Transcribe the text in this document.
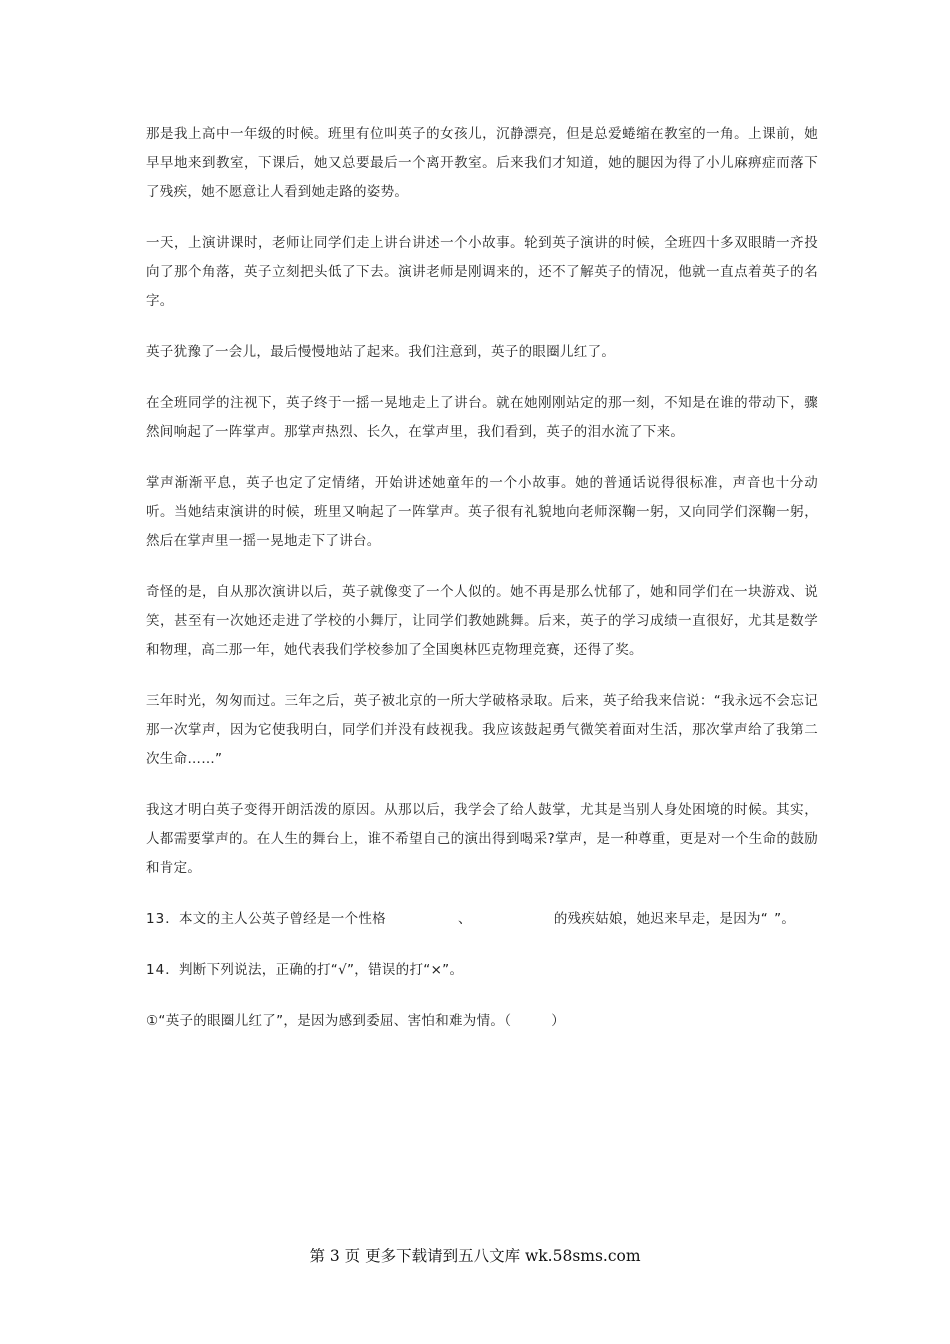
那是我上高中一年级的时候。班里有位叫英子的女孩儿，沉静漂亮，但是总爱蜷缩在教室的一角。上课前，她早早地来到教室，下课后，她又总要最后一个离开教室。后来我们才知道，她的腿因为得了小儿麻痹症而落下了残疾，她不愿意让人看到她走路的姿势。

一天，上演讲课时，老师让同学们走上讲台讲述一个小故事。轮到英子演讲的时候，全班四十多双眼睛一齐投向了那个角落，英子立刻把头低了下去。演讲老师是刚调来的，还不了解英子的情况，他就一直点着英子的名字。

英子犹豫了一会儿，最后慢慢地站了起来。我们注意到，英子的眼圈儿红了。

在全班同学的注视下，英子终于一摇一晃地走上了讲台。就在她刚刚站定的那一刻，不知是在谁的带动下，骤然间响起了一阵掌声。那掌声热烈、长久，在掌声里，我们看到，英子的泪水流了下来。

掌声渐渐平息，英子也定了定情绪，开始讲述她童年的一个小故事。她的普通话说得很标准，声音也十分动听。当她结束演讲的时候，班里又响起了一阵掌声。英子很有礼貌地向老师深鞠一躬，又向同学们深鞠一躬，然后在掌声里一摇一晃地走下了讲台。

奇怪的是，自从那次演讲以后，英子就像变了一个人似的。她不再是那么忧郁了，她和同学们在一块游戏、说笑，甚至有一次她还走进了学校的小舞厅，让同学们教她跳舞。后来，英子的学习成绩一直很好，尤其是数学和物理，高二那一年，她代表我们学校参加了全国奥林匹克物理竞赛，还得了奖。

三年时光，匆匆而过。三年之后，英子被北京的一所大学破格录取。后来，英子给我来信说：“我永远不会忘记那一次掌声，因为它使我明白，同学们并没有歧视我。我应该鼓起勇气微笑着面对生活，那次掌声给了我第二次生命……”

我这才明白英子变得开朗活泼的原因。从那以后，我学会了给人鼓掌，尤其是当别人身处困境的时候。其实，人都需要掌声的。在人生的舞台上，谁不希望自己的演出得到喝采?掌声，是一种尊重，更是对一个生命的鼓励和肯定。

13．本文的主人公英子曾经是一个性格	、	的残疾姑娘，她迟来早走，是因为“ ”。

14．判断下列说法，正确的打“√”，错误的打“×”。

①“英子的眼圈儿红了”，是因为感到委屈、害怕和难为情。（	）

第 3 页 更多下载请到五八文库 wk.58sms.com
